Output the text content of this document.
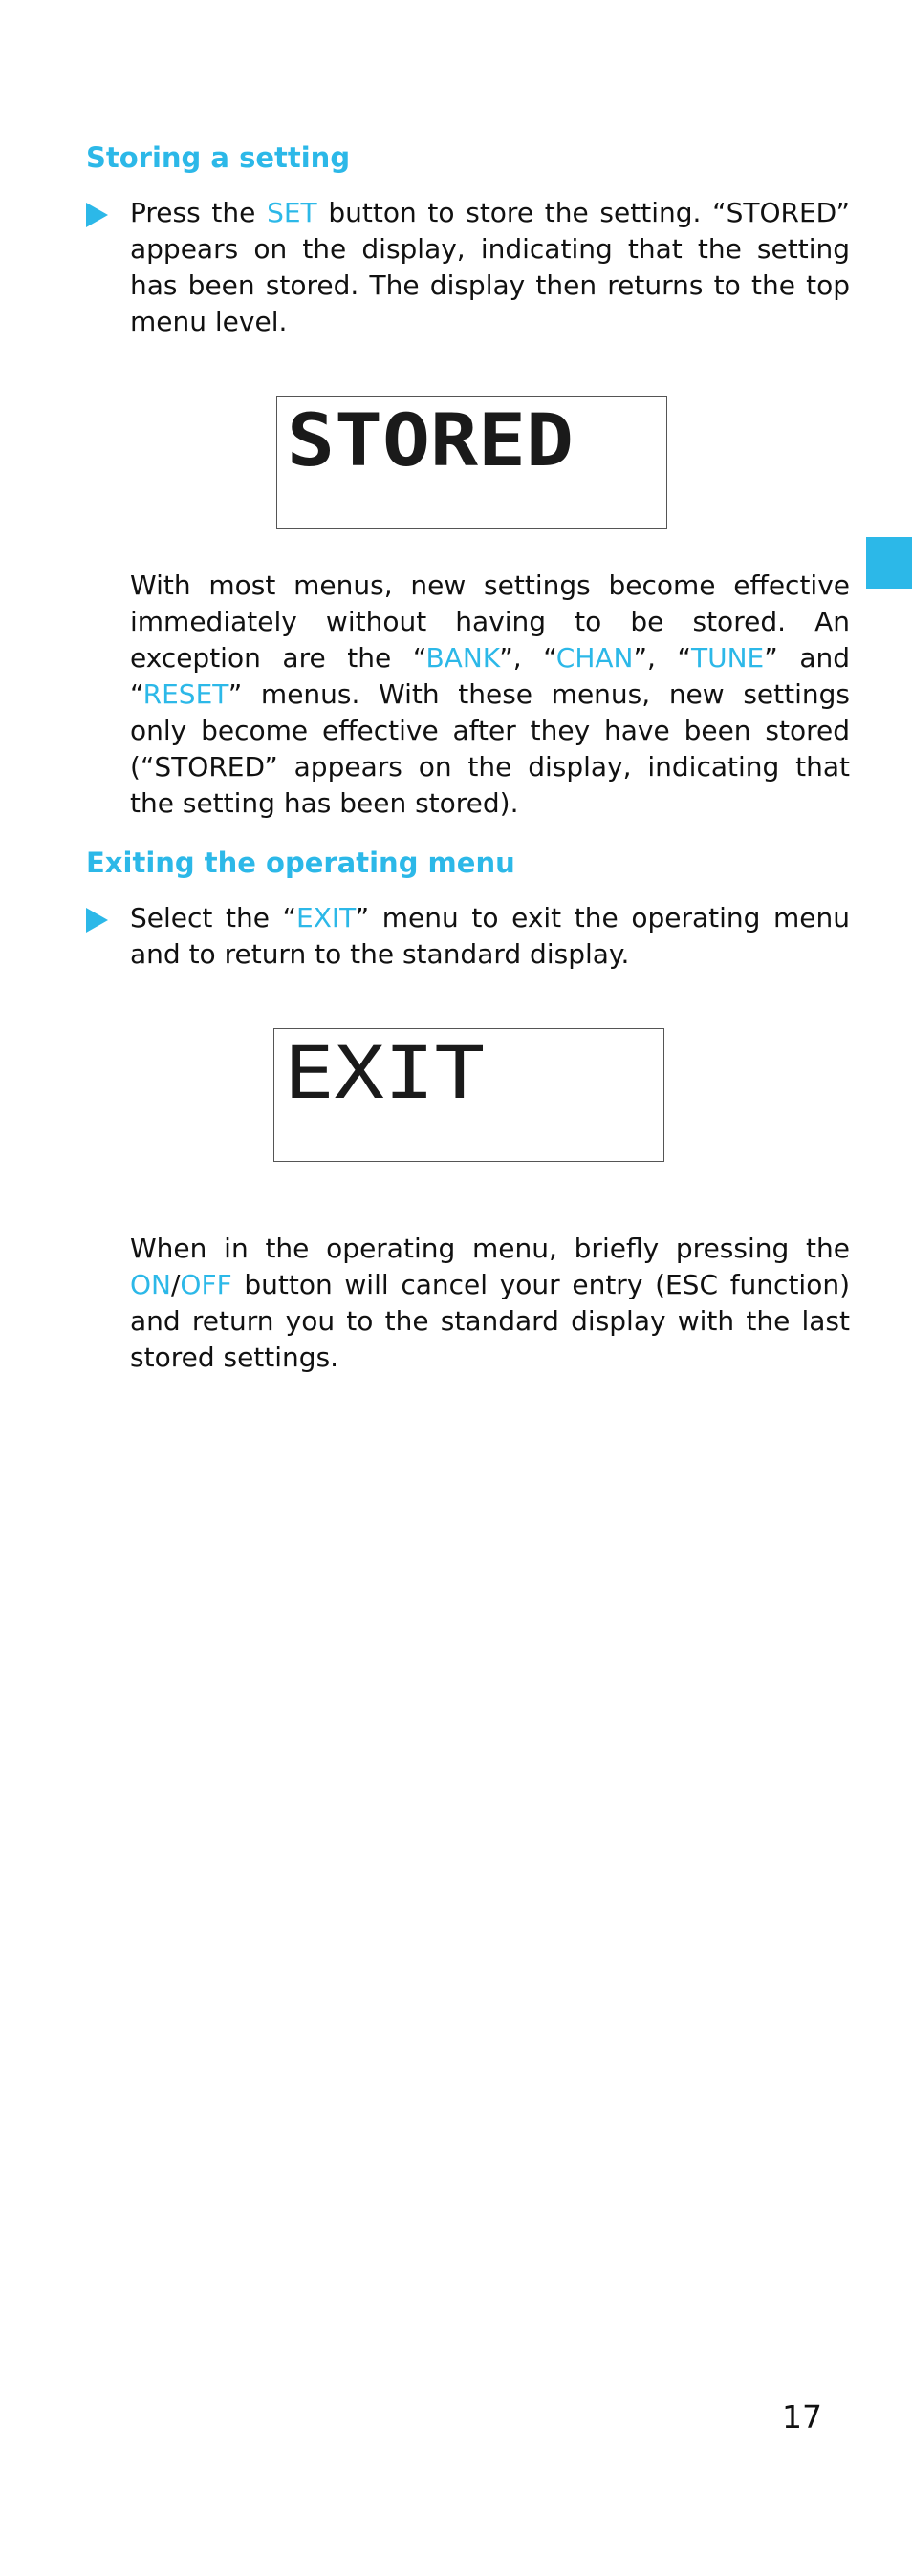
Storing a setting

Press the SET button to store the setting. “STORED” appears on the display, indicating that the setting has been stored. The display then returns to the top menu level.

STORED

With most menus, new settings become effective immediately without having to be stored. An exception are the “BANK”, “CHAN”, “TUNE” and “RESET” menus. With these menus, new settings only become effective after they have been stored (“STORED” appears on the display, indicating that the setting has been stored).

Exiting the operating menu

Select the “EXIT” menu to exit the operating menu and to return to the standard display.

EXIT

When in the operating menu, briefly pressing the ON/OFF button will cancel your entry (ESC function) and return you to the standard display with the last stored settings.

17
